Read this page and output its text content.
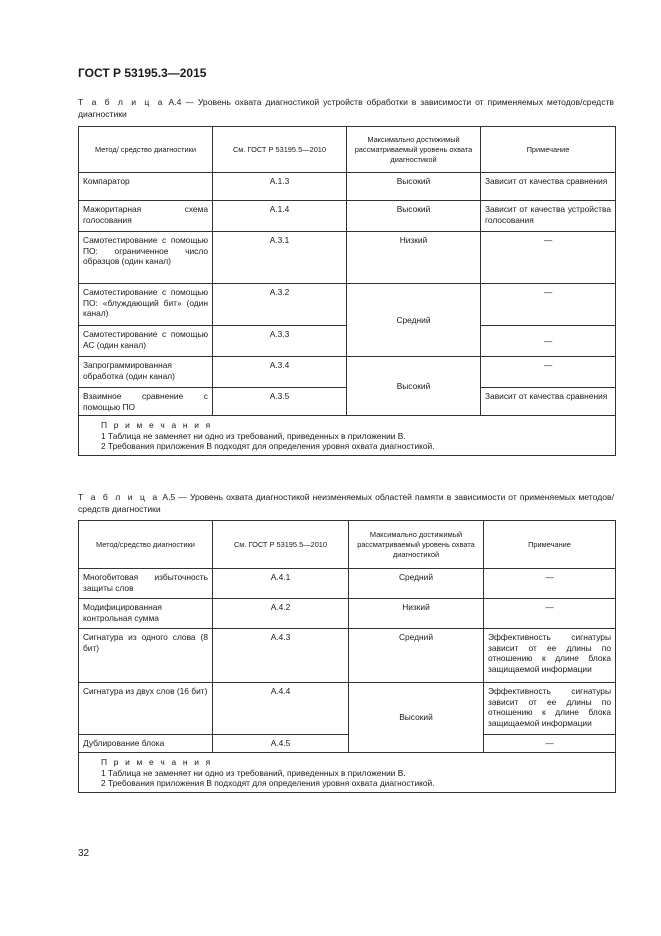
ГОСТ Р 53195.3—2015
Т а б л и ц а А.4 — Уровень охвата диагностикой устройств обработки в зависимости от применяемых методов/средств диагностики
Метод/ средство диагностики	См. ГОСТ Р 53195.5—2010	Максимально достижимый рассматриваемый уровень охвата диагностикой	Примечание
Компаратор	А.1.3	Высокий	Зависит от качества сравнения
Мажоритарная схема голосования	А.1.4	Высокий	Зависит от качества устройства голосования
Самотестирование с помощью ПО: ограниченное число образцов (один канал)	А.3.1	Низкий	—
Самотестирование с помощью ПО: «блуждающий бит» (один канал)	А.3.2	Средний	—
Самотестирование с помощью АС (один канал)	А.3.3		—
Запрограммированная обработка (один канал)	А.3.4	Высокий	—
Взаимное сравнение с помощью ПО	А.3.5		Зависит от качества сравнения

П р и м е ч а н и я
1 Таблица не заменяет ни одно из требований, приведенных в приложении В.
2 Требования приложения В подходят для определения уровня охвата диагностикой.			
Т а б л и ц а А.5 — Уровень охвата диагностикой неизменяемых областей памяти в зависимости от применяемых методов/средств диагностики
Метод/средство диагностики	См. ГОСТ Р 53195.5—2010	Максимально достижимый рассматриваемый уровень охвата диагностикой	Примечание
Многобитовая избыточность защиты слов	А.4.1	Средний	—
Модифицированная контрольная сумма	А.4.2	Низкий	—
Сигнатура из одного слова (8 бит)	А.4.3	Средний	Эффективность сигнатуры зависит от ее длины по отношению к длине блока защищаемой информации
Сигнатура из двух слов (16 бит)	А.4.4	Высокий	Эффективность сигнатуры зависит от ее длины по отношению к длине блока защищаемой информации
Дублирование блока	А.4.5		—

П р и м е ч а н и я
1 Таблица не заменяет ни одно из требований, приведенных в приложении В.
2 Требования приложения В подходят для определения уровня охвата диагностикой.			
32
